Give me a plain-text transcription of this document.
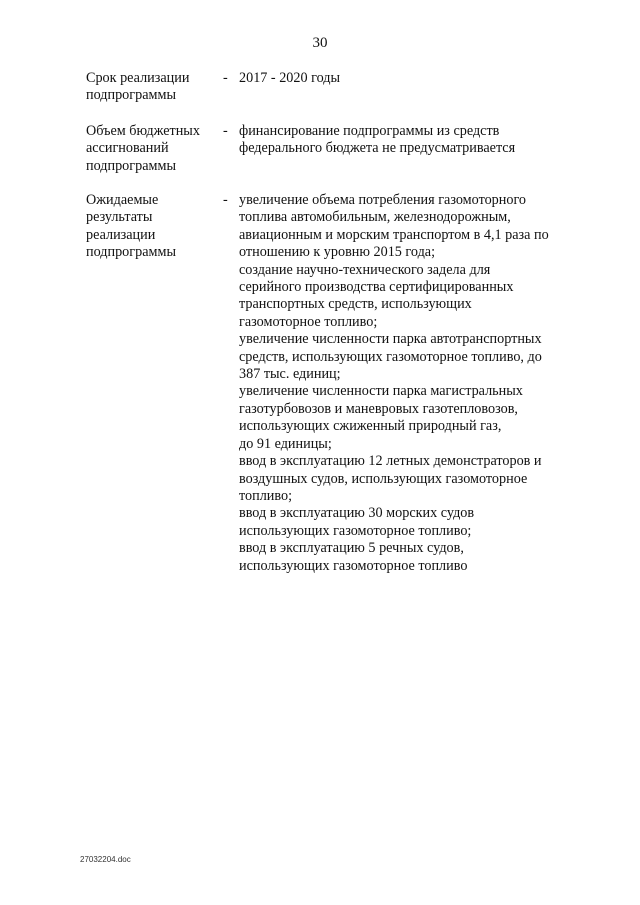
30
Срок реализации
подпрограммы
- 2017 - 2020 годы
Объем бюджетных
ассигнований
подпрограммы
- финансирование подпрограммы из средств
федерального бюджета не предусматривается
Ожидаемые
результаты
реализации
подпрограммы
- увеличение объема потребления газомоторного
топлива автомобильным, железнодорожным,
авиационным и морским транспортом в 4,1 раза по
отношению к уровню 2015 года;
создание научно-технического задела для
серийного производства сертифицированных
транспортных средств, использующих
газомоторное топливо;
увеличение численности парка автотранспортных
средств, использующих газомоторное топливо, до
387 тыс. единиц;
увеличение численности парка магистральных
газотурбовозов и маневровых газотепловозов,
использующих сжиженный природный газ,
до 91 единицы;
ввод в эксплуатацию 12 летных демонстраторов и
воздушных судов, использующих газомоторное
топливо;
ввод в эксплуатацию 30 морских судов
использующих газомоторное топливо;
ввод в эксплуатацию 5 речных судов,
использующих газомоторное топливо
27032204.doc
